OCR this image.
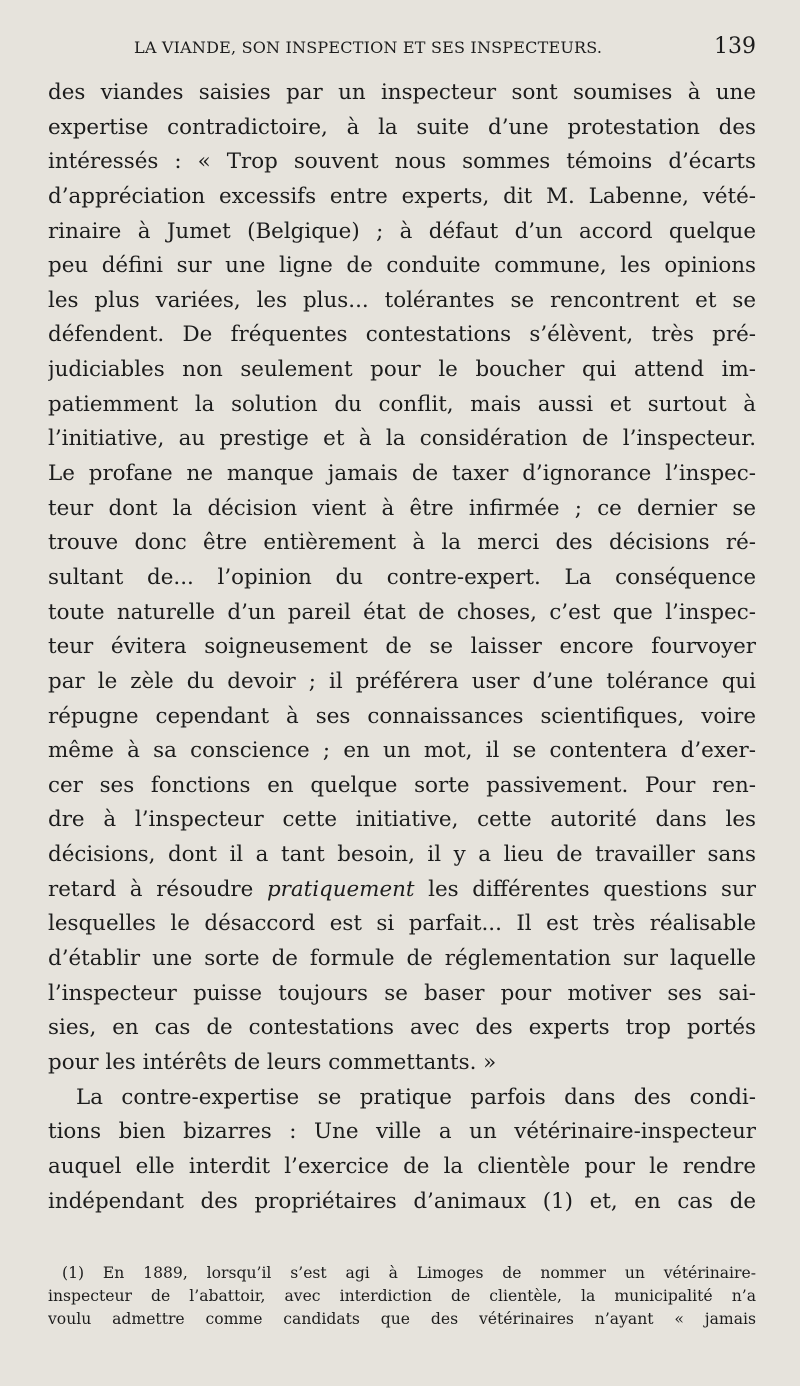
LA VIANDE, SON INSPECTION ET SES INSPECTEURS.	139
des viandes saisies par un inspecteur sont soumises à une
expertise contradictoire, à la suite d’une protestation des
intéressés : « Trop souvent nous sommes témoins d’écarts
d’appréciation excessifs entre experts, dit M. Labenne, vété-
rinaire à Jumet (Belgique) ; à défaut d’un accord quelque
peu défini sur une ligne de conduite commune, les opinions
les plus variées, les plus... tolérantes se rencontrent et se
défendent. De fréquentes contestations s’élèvent, très pré-
judiciables non seulement pour le boucher qui attend im-
patiemment la solution du conflit, mais aussi et surtout à
l’initiative, au prestige et à la considération de l’inspecteur.
Le profane ne manque jamais de taxer d’ignorance l’inspec-
teur dont la décision vient à être infirmée ; ce dernier se
trouve donc être entièrement à la merci des décisions ré-
sultant de... l’opinion du contre-expert. La conséquence
toute naturelle d’un pareil état de choses, c’est que l’inspec-
teur évitera soigneusement de se laisser encore fourvoyer
par le zèle du devoir ; il préférera user d’une tolérance qui
répugne cependant à ses connaissances scientifiques, voire
même à sa conscience ; en un mot, il se contentera d’exer-
cer ses fonctions en quelque sorte passivement. Pour ren-
dre à l’inspecteur cette initiative, cette autorité dans les
décisions, dont il a tant besoin, il y a lieu de travailler sans
retard à résoudre pratiquement les différentes questions sur
lesquelles le désaccord est si parfait... Il est très réalisable
d’établir une sorte de formule de réglementation sur laquelle
l’inspecteur puisse toujours se baser pour motiver ses sai-
sies, en cas de contestations avec des experts trop portés
pour les intérêts de leurs commettants. »
La contre-expertise se pratique parfois dans des condi-
tions bien bizarres : Une ville a un vétérinaire-inspecteur
auquel elle interdit l’exercice de la clientèle pour le rendre
indépendant des propriétaires d’animaux (1) et, en cas de
(1) En 1889, lorsqu’il s’est agi à Limoges de nommer un vétérinaire-
inspecteur de l’abattoir, avec interdiction de clientèle, la municipalité n’a
voulu admettre comme candidats que des vétérinaires n’ayant « jamais
